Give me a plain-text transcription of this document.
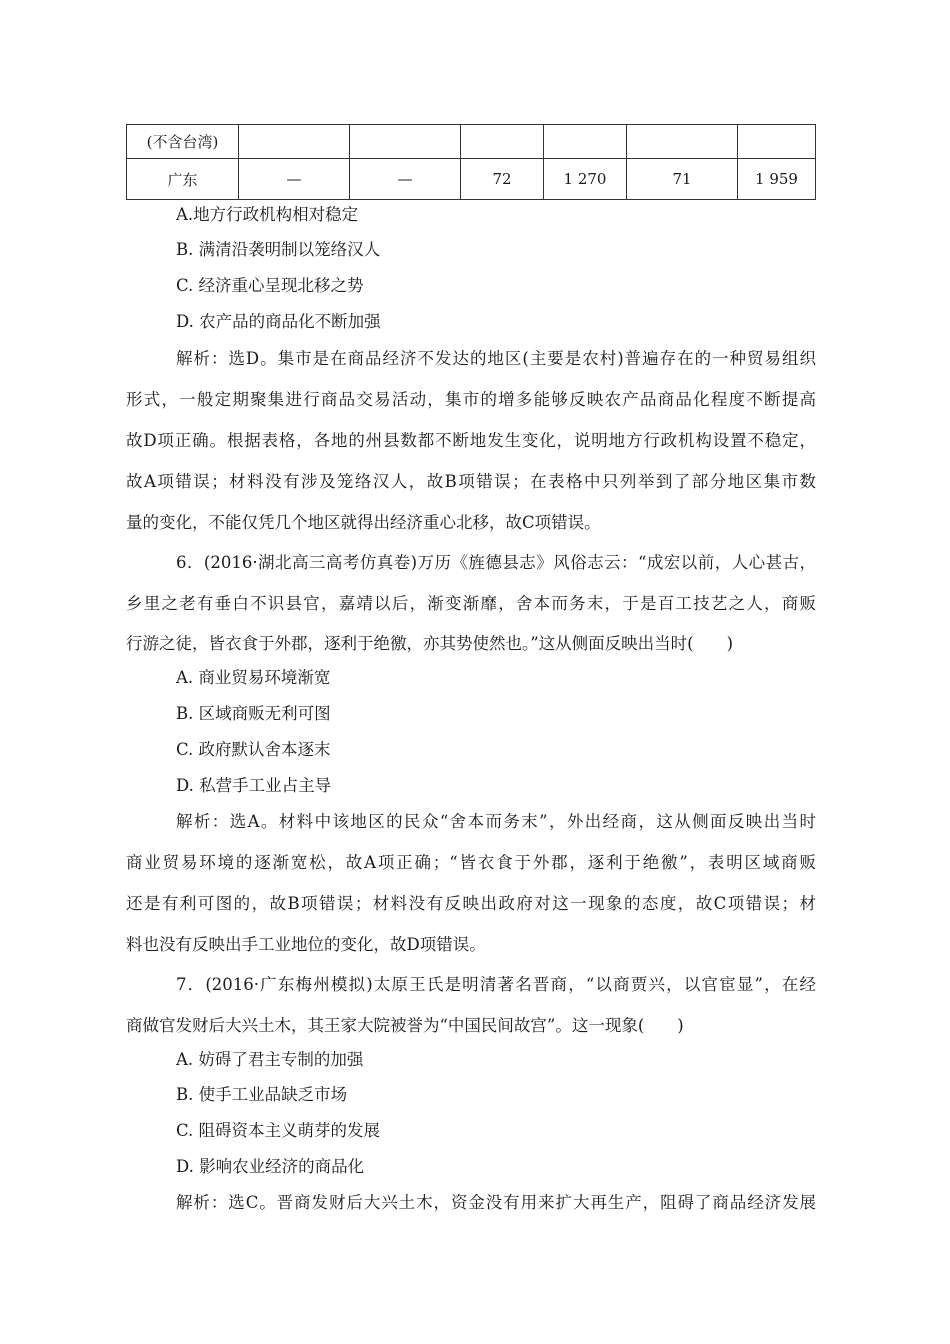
(不含台湾)						
广东	—	—	72	1 270	71	1 959
A.地方行政机构相对稳定
B. 满清沿袭明制以笼络汉人
C. 经济重心呈现北移之势
D. 农产品的商品化不断加强
解析：选D。集市是在商品经济不发达的地区(主要是农村)普遍存在的一种贸易组织
形式，一般定期聚集进行商品交易活动，集市的增多能够反映农产品商品化程度不断提高
故D项正确。根据表格，各地的州县数都不断地发生变化，说明地方行政机构设置不稳定，
故A项错误；材料没有涉及笼络汉人，故B项错误；在表格中只列举到了部分地区集市数
量的变化，不能仅凭几个地区就得出经济重心北移，故C项错误。
6．(2016·湖北高三高考仿真卷)万历《旌德县志》风俗志云：“成宏以前，人心甚古，
乡里之老有垂白不识县官，嘉靖以后，渐变渐靡，舍本而务末，于是百工技艺之人，商贩
行游之徒，皆衣食于外郡，逐利于绝徼，亦其势使然也。”这从侧面反映出当时(　　)
A. 商业贸易环境渐宽
B. 区域商贩无利可图
C. 政府默认舍本逐末
D. 私营手工业占主导
解析：选A。材料中该地区的民众“舍本而务末”，外出经商，这从侧面反映出当时
商业贸易环境的逐渐宽松，故A项正确；“皆衣食于外郡，逐利于绝徼”，表明区域商贩
还是有利可图的，故B项错误；材料没有反映出政府对这一现象的态度，故C项错误；材
料也没有反映出手工业地位的变化，故D项错误。
7．(2016·广东梅州模拟)太原王氏是明清著名晋商，“以商贾兴，以官宦显”，在经
商做官发财后大兴土木，其王家大院被誉为“中国民间故宫”。这一现象(　　)
A. 妨碍了君主专制的加强
B. 使手工业品缺乏市场
C. 阻碍资本主义萌芽的发展
D. 影响农业经济的商品化
解析：选C。晋商发财后大兴土木，资金没有用来扩大再生产，阻碍了商品经济发展
